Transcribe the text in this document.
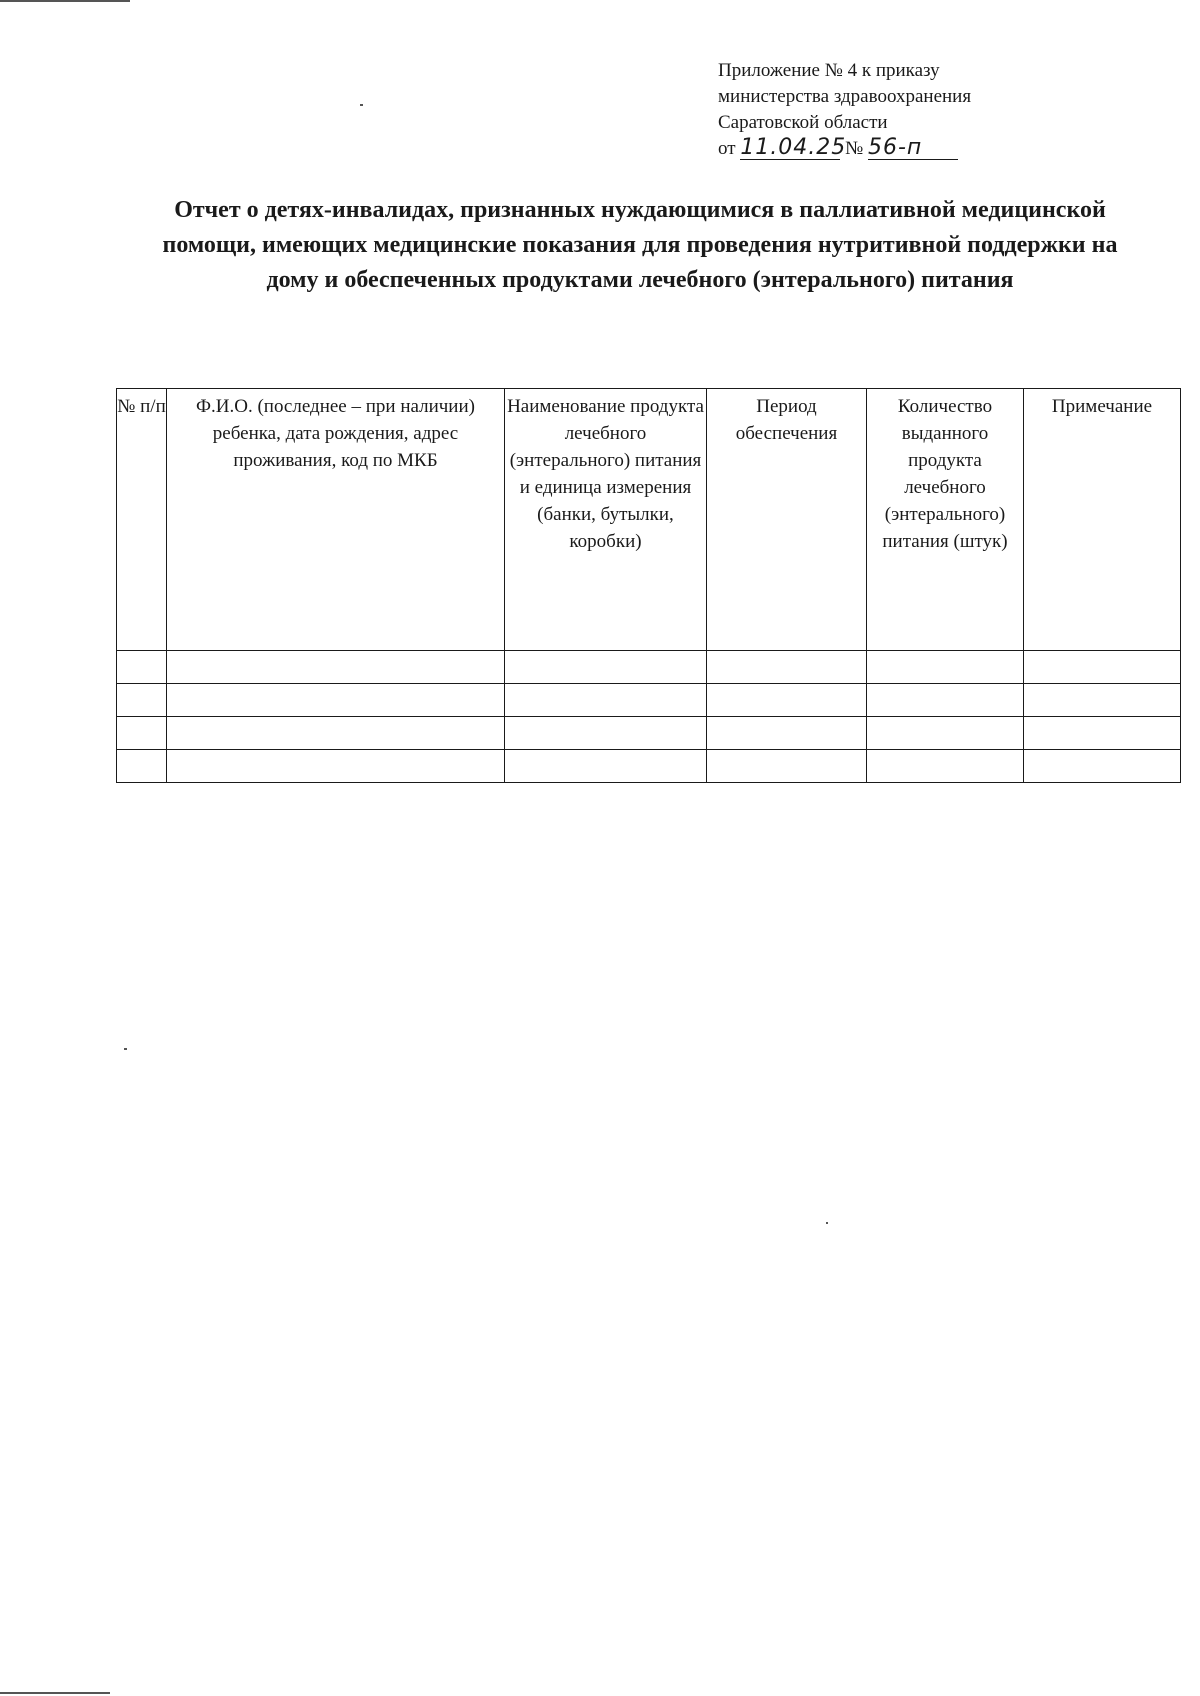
Приложение № 4 к приказу
министерства здравоохранения
Саратовской области
от 11.04.25 № 56-п
Отчет о детях-инвалидах, признанных нуждающимися в паллиативной медицинской помощи, имеющих медицинские показания для проведения нутритивной поддержки на дому и обеспеченных продуктами лечебного (энтерального) питания
№ п/п	Ф.И.О. (последнее – при наличии) ребенка, дата рождения, адрес проживания, код по МКБ	Наименование продукта лечебного (энтерального) питания и единица измерения (банки, бутылки, коробки)	Период обеспечения	Количество выданного продукта лечебного (энтерального) питания (штук)	Примечание
